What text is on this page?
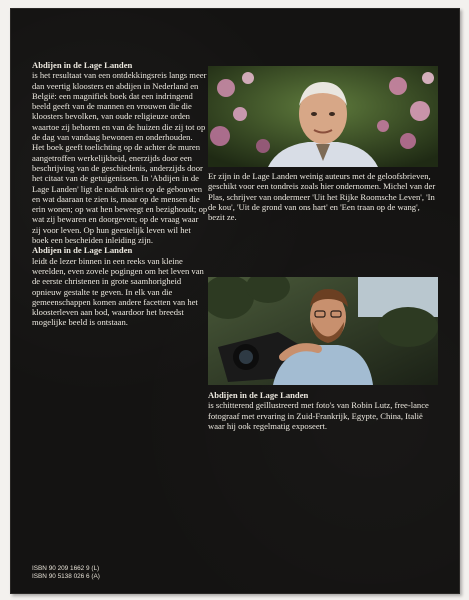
Abdijen in de Lage Landen
is het resultaat van een ontdekkingsreis langs meer dan veertig kloosters en abdijen in Nederland en België: een magnifiek boek dat een indringend beeld geeft van de mannen en vrouwen die die kloosters bevolken, van oude religieuze orden waartoe zij behoren en van de huizen die zij tot op de dag van vandaag bewonen en onderhouden.

Het boek geeft toelichting op de achter de muren aangetroffen werkelijkheid, enerzijds door een beschrijving van de geschiedenis, anderzijds door het citaat van de getuigenissen. In 'Abdijen in de Lage Landen' ligt de nadruk niet op de gebouwen en wat daaraan te zien is, maar op de mensen die erin wonen; op wat hen beweegt en bezighoudt; op wat zij bewaren en doorgeven; op de vraag waar zij voor leven. Op hun geestelijk leven wil het boek een bescheiden inleiding zijn.

Abdijen in de Lage Landen
leidt de lezer binnen in een reeks van kleine werelden, even zovele pogingen om het leven van de eerste christenen in grote saamhorigheid opnieuw gestalte te geven. In elk van die gemeenschappen komen andere facetten van het kloosterleven aan bod, waardoor het breedst mogelijke beeld is ontstaan.

Er zijn in de Lage Landen weinig auteurs met de geloofsbrieven, geschikt voor een tondreis zoals hier ondernomen. Michel van der Plas, schrijver van ondermeer 'Uit het Rijke Roomsche Leven', 'In de kou', 'Uit de grond van ons hart' en 'Een traan op de wang', bezit ze.
Abdijen in de Lage Landen
is schitterend geïllustreerd met foto's van Robin Lutz, free-lance fotograaf met ervaring in Zuid-Frankrijk, Egypte, China, Italië waar hij ook regelmatig exposeert.
ISBN 90 209 1662 9 (L)
ISBN 90 5138 026 6 (A)
